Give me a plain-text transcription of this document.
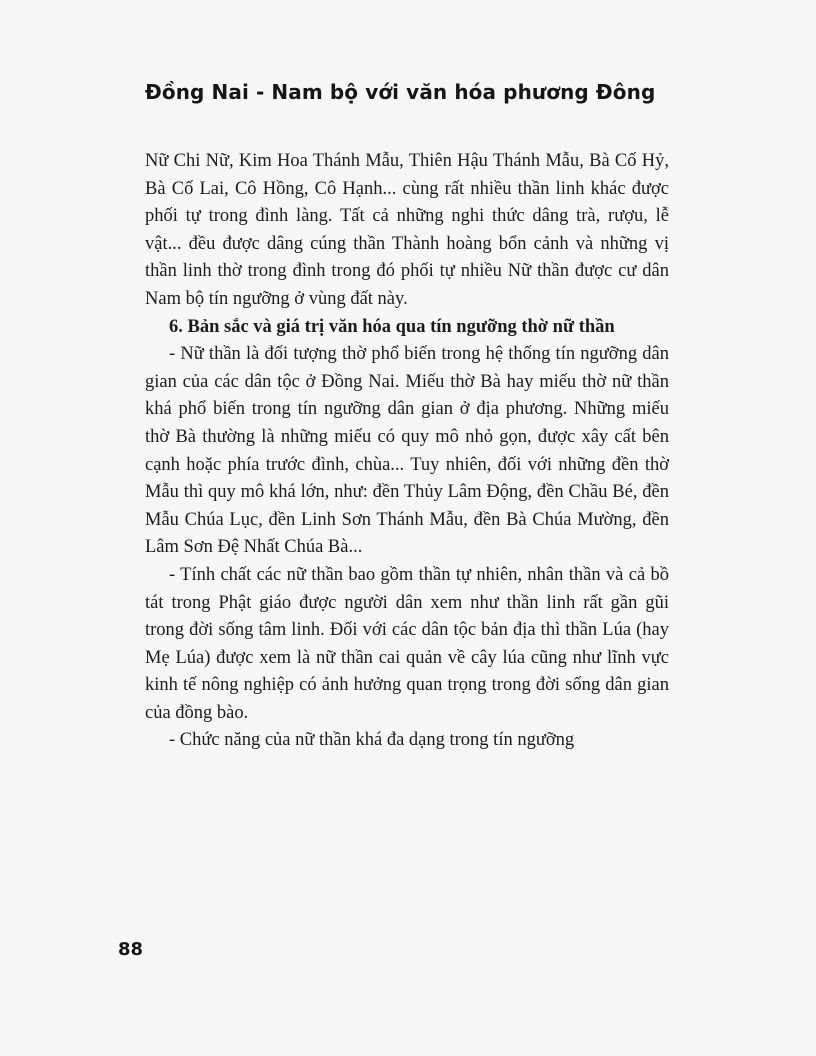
Đồng Nai - Nam bộ với văn hóa phương Đông

Nữ Chi Nữ, Kim Hoa Thánh Mẫu, Thiên Hậu Thánh Mẫu, Bà Cố Hỷ, Bà Cố Lai, Cô Hồng, Cô Hạnh... cùng rất nhiều thần linh khác được phối tự trong đình làng. Tất cả những nghi thức dâng trà, rượu, lễ vật... đều được dâng cúng thần Thành hoàng bổn cảnh và những vị thần linh thờ trong đình trong đó phối tự nhiều Nữ thần được cư dân Nam bộ tín ngưỡng ở vùng đất này.

6. Bản sắc và giá trị văn hóa qua tín ngưỡng thờ nữ thần

- Nữ thần là đối tượng thờ phổ biến trong hệ thống tín ngưỡng dân gian của các dân tộc ở Đồng Nai. Miếu thờ Bà hay miếu thờ nữ thần khá phổ biến trong tín ngưỡng dân gian ở địa phương. Những miếu thờ Bà thường là những miếu có quy mô nhỏ gọn, được xây cất bên cạnh hoặc phía trước đình, chùa... Tuy nhiên, đối với những đền thờ Mẫu thì quy mô khá lớn, như: đền Thủy Lâm Động, đền Chầu Bé, đền Mẫu Chúa Lục, đền Linh Sơn Thánh Mẫu, đền Bà Chúa Mường, đền Lâm Sơn Đệ Nhất Chúa Bà...

- Tính chất các nữ thần bao gồm thần tự nhiên, nhân thần và cả bồ tát trong Phật giáo được người dân xem như thần linh rất gần gũi trong đời sống tâm linh. Đối với các dân tộc bản địa thì thần Lúa (hay Mẹ Lúa) được xem là nữ thần cai quản về cây lúa cũng như lĩnh vực kinh tế nông nghiệp có ảnh hưởng quan trọng trong đời sống dân gian của đồng bào.

- Chức năng của nữ thần khá đa dạng trong tín ngưỡng

88
